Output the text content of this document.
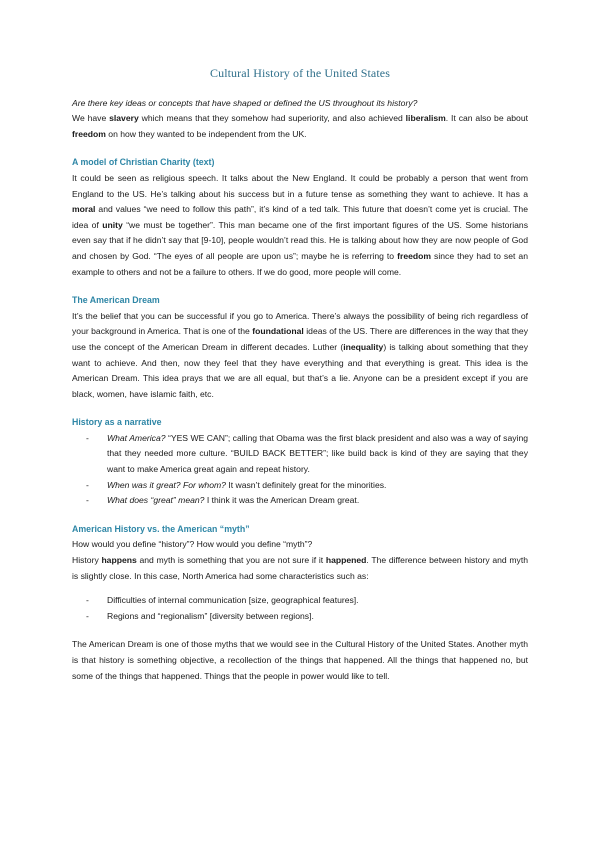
Cultural History of the United States

Are there key ideas or concepts that have shaped or defined the US throughout its history?

We have slavery which means that they somehow had superiority, and also achieved liberalism. It can also be about freedom on how they wanted to be independent from the UK.

A model of Christian Charity (text)

It could be seen as religious speech. It talks about the New England. It could be probably a person that went from England to the US. He’s talking about his success but in a future tense as something they want to achieve. It has a moral and values “we need to follow this path”, it’s kind of a ted talk. This future that doesn’t come yet is crucial. The idea of unity “we must be together”. This man became one of the first important figures of the US. Some historians even say that if he didn’t say that [9-10], people wouldn’t read this. He is talking about how they are now people of God and chosen by God. “The eyes of all people are upon us”; maybe he is referring to freedom since they had to set an example to others and not be a failure to others. If we do good, more people will come.

The American Dream

It’s the belief that you can be successful if you go to America. There’s always the possibility of being rich regardless of your background in America. That is one of the foundational ideas of the US. There are differences in the way that they use the concept of the American Dream in different decades. Luther (inequality) is talking about something that they want to achieve. And then, now they feel that they have everything and that everything is great. This idea is the American Dream. This idea prays that we are all equal, but that’s a lie. Anyone can be a president except if you are black, women, have islamic faith, etc.

History as a narrative

- What America? “YES WE CAN”; calling that Obama was the first black president and also was a way of saying that they needed more culture. “BUILD BACK BETTER”; like build back is kind of they are saying that they want to make America great again and repeat history.
- When was it great? For whom? It wasn’t definitely great for the minorities.
- What does “great” mean? I think it was the American Dream great.

American History vs. the American “myth”

How would you define “history”? How would you define “myth”?

History happens and myth is something that you are not sure if it happened. The difference between history and myth is slightly close. In this case, North America had some characteristics such as:

- Difficulties of internal communication [size, geographical features].
- Regions and “regionalism” [diversity between regions].

The American Dream is one of those myths that we would see in the Cultural History of the United States. Another myth is that history is something objective, a recollection of the things that happened. All the things that happened no, but some of the things that happened. Things that the people in power would like to tell.
